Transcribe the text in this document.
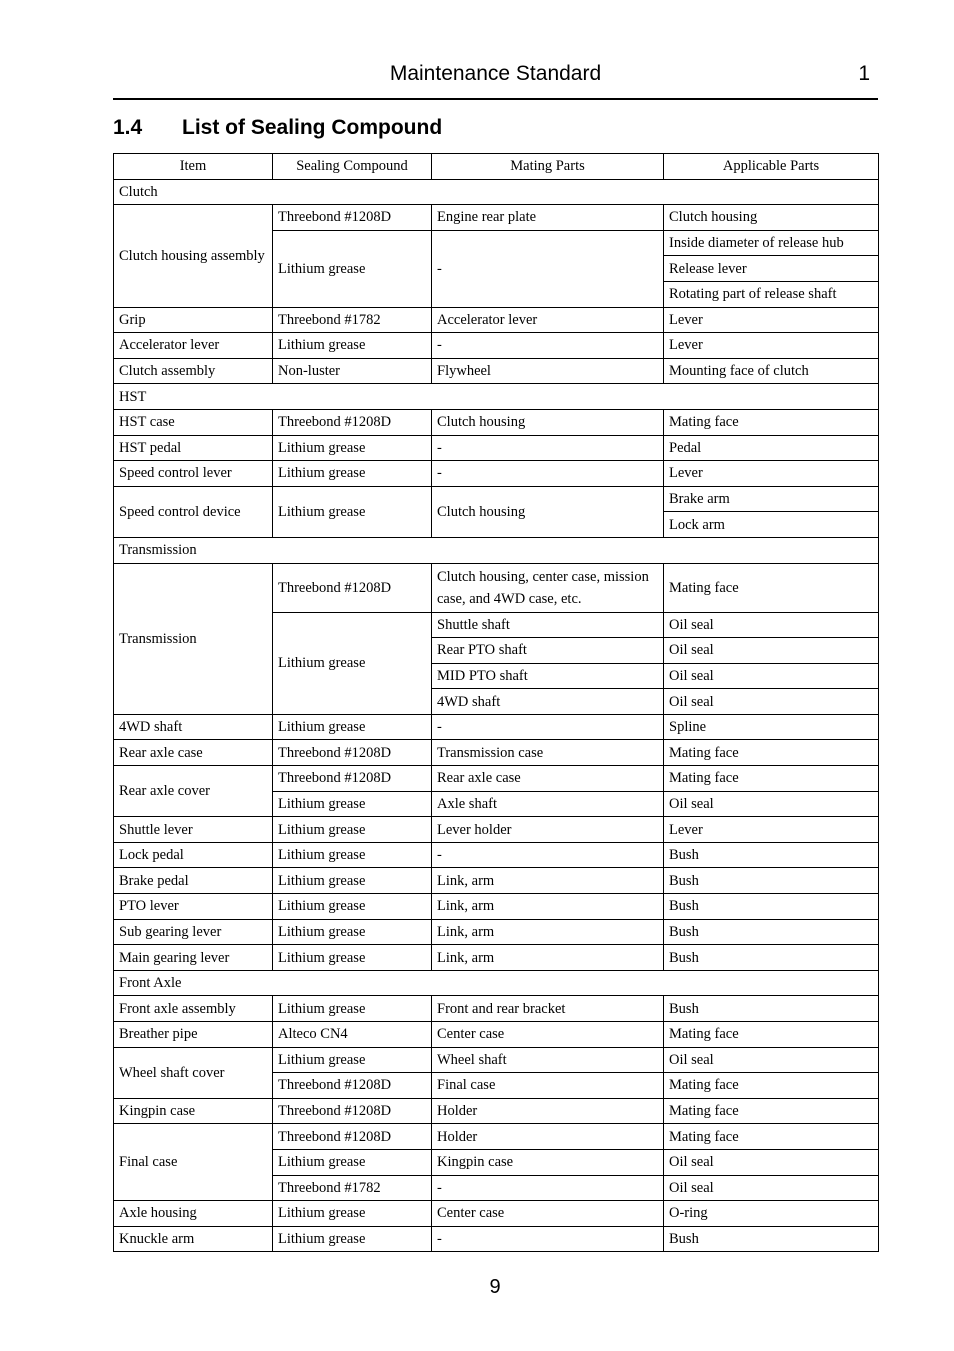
Maintenance Standard	1
1.4 List of Sealing Compound
Item	Sealing Compound	Mating Parts	Applicable Parts
Clutch			
Clutch housing assembly	Threebond #1208D	Engine rear plate	Clutch housing
	Lithium grease	-	Inside diameter of release hub
			Release lever
			Rotating part of release shaft
Grip	Threebond #1782	Accelerator lever	Lever
Accelerator lever	Lithium grease	-	Lever
Clutch assembly	Non-luster	Flywheel	Mounting face of clutch
HST			
HST case	Threebond #1208D	Clutch housing	Mating face
HST pedal	Lithium grease	-	Pedal
Speed control lever	Lithium grease	-	Lever
Speed control device	Lithium grease	Clutch housing	Brake arm
			Lock arm
Transmission			
Transmission	Threebond #1208D	Clutch housing, center case, mission case, and 4WD case, etc.	Mating face
	Lithium grease	Shuttle shaft	Oil seal
		Rear PTO shaft	Oil seal
		MID PTO shaft	Oil seal
		4WD shaft	Oil seal
4WD shaft	Lithium grease	-	Spline
Rear axle case	Threebond #1208D	Transmission case	Mating face
Rear axle cover	Threebond #1208D	Rear axle case	Mating face
	Lithium grease	Axle shaft	Oil seal
Shuttle lever	Lithium grease	Lever holder	Lever
Lock pedal	Lithium grease	-	Bush
Brake pedal	Lithium grease	Link, arm	Bush
PTO lever	Lithium grease	Link, arm	Bush
Sub gearing lever	Lithium grease	Link, arm	Bush
Main gearing lever	Lithium grease	Link, arm	Bush
Front Axle			
Front axle assembly	Lithium grease	Front and rear bracket	Bush
Breather pipe	Alteco CN4	Center case	Mating face
Wheel shaft cover	Lithium grease	Wheel shaft	Oil seal
	Threebond #1208D	Final case	Mating face
Kingpin case	Threebond #1208D	Holder	Mating face
Final case	Threebond #1208D	Holder	Mating face
	Lithium grease	Kingpin case	Oil seal
	Threebond #1782	-	Oil seal
Axle housing	Lithium grease	Center case	O-ring
Knuckle arm	Lithium grease	-	Bush
9
